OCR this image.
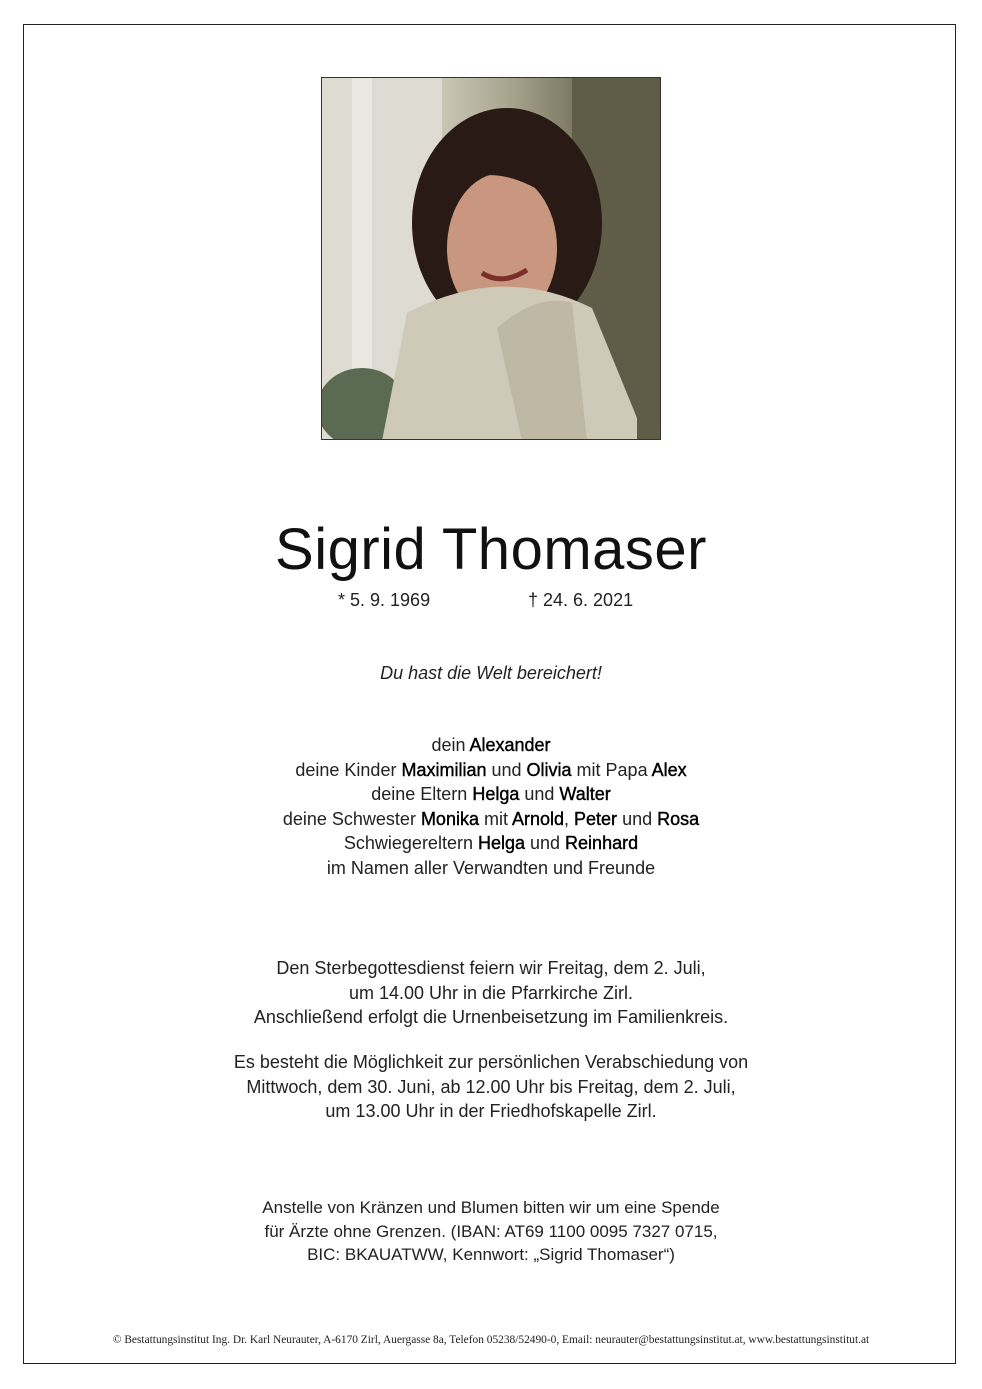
Sigrid Thomaser
* 5. 9. 1969	† 24. 6. 2021
Du hast die Welt bereichert!
dein Alexander
deine Kinder Maximilian und Olivia mit Papa Alex
deine Eltern Helga und Walter
deine Schwester Monika mit Arnold, Peter und Rosa
Schwiegereltern Helga und Reinhard
im Namen aller Verwandten und Freunde
Den Sterbegottesdienst feiern wir Freitag, dem 2. Juli,
um 14.00 Uhr in die Pfarrkirche Zirl.
Anschließend erfolgt die Urnenbeisetzung im Familienkreis.
Es besteht die Möglichkeit zur persönlichen Verabschiedung von
Mittwoch, dem 30. Juni, ab 12.00 Uhr bis Freitag, dem 2. Juli,
um 13.00 Uhr in der Friedhofskapelle Zirl.
Anstelle von Kränzen und Blumen bitten wir um eine Spende
für Ärzte ohne Grenzen. (IBAN: AT69 1100 0095 7327 0715,
BIC: BKAUATWW, Kennwort: „Sigrid Thomaser“)
© Bestattungsinstitut Ing. Dr. Karl Neurauter, A-6170 Zirl, Auergasse 8a, Telefon 05238/52490-0, Email: neurauter@bestattungsinstitut.at, www.bestattungsinstitut.at
